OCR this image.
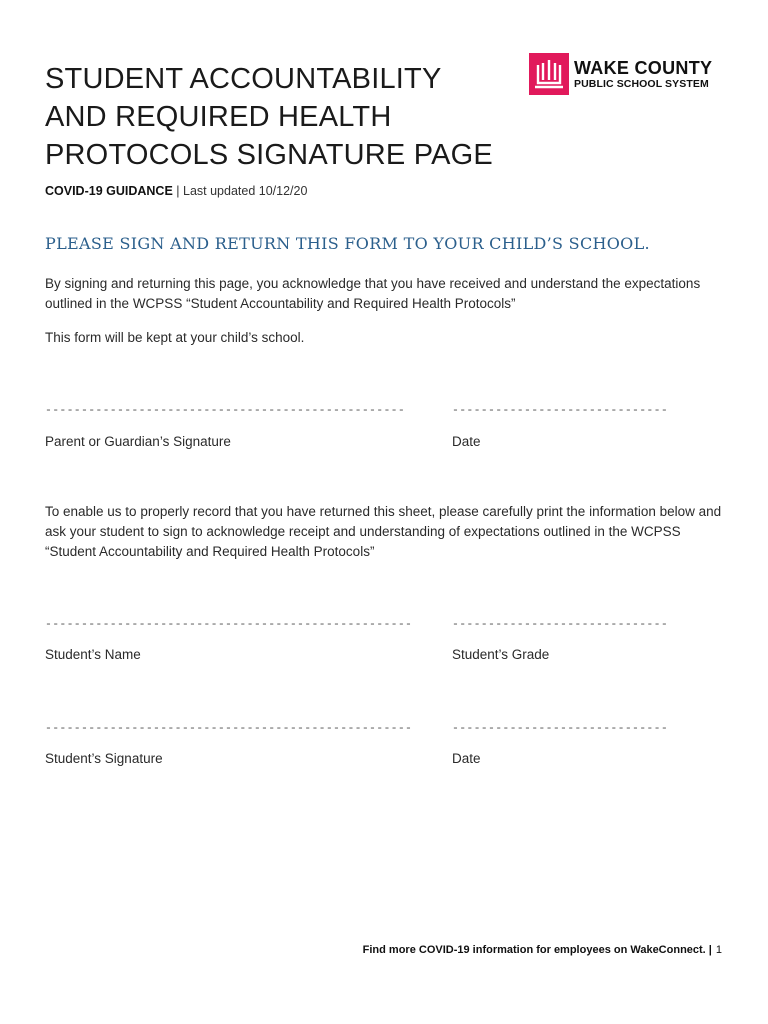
STUDENT ACCOUNTABILITY
AND REQUIRED HEALTH
PROTOCOLS SIGNATURE PAGE
WAKE COUNTY
PUBLIC SCHOOL SYSTEM
COVID-19 GUIDANCE | Last updated 10/12/20
PLEASE SIGN AND RETURN THIS FORM TO YOUR CHILD’S SCHOOL.

By signing and returning this page, you acknowledge that you have received and understand the expectations outlined in the WCPSS “Student Accountability and Required Health Protocols”

This form will be kept at your child’s school.

--------------------------------------------------	------------------------------
Parent or Guardian’s Signature	Date

To enable us to properly record that you have returned this sheet, please carefully print the information below and ask your student to sign to acknowledge receipt and understanding of expectations outlined in the WCPSS “Student Accountability and Required Health Protocols”

---------------------------------------------------	------------------------------
Student’s Name	Student’s Grade
---------------------------------------------------	------------------------------
Student’s Signature	Date
Find more COVID-19 information for employees on WakeConnect. | 1
